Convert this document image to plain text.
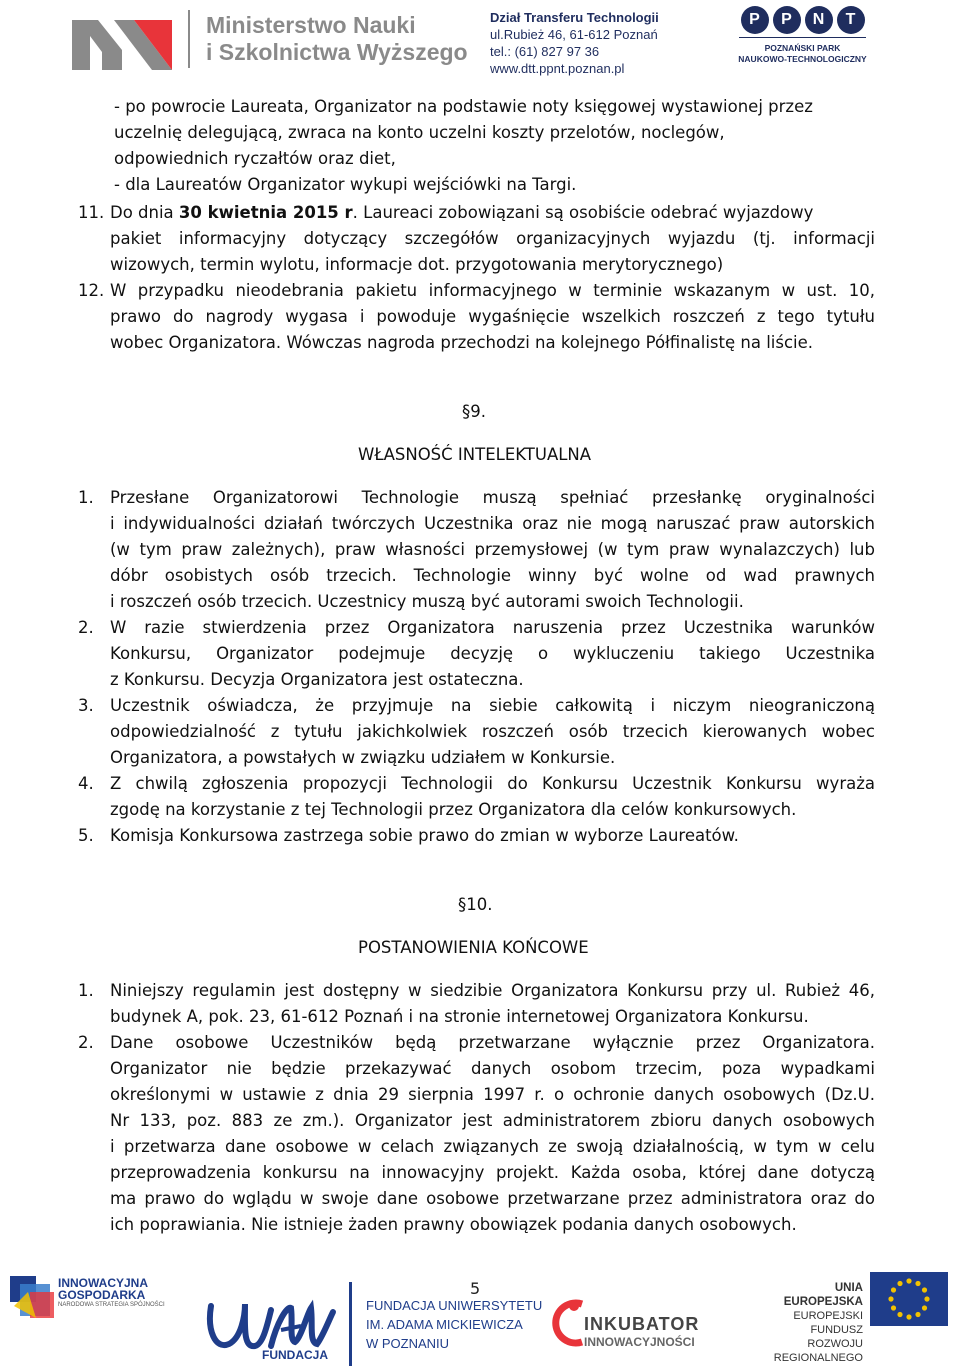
Ministerstwo Nauki
i Szkolnictwa Wyższego
Dział Transferu Technologii
ul.Rubież 46, 61-612 Poznań
tel.: (61) 827 97 36
www.dtt.ppnt.poznan.pl
P	P	N	T
POZNAŃSKI PARK
NAUKOWO-TECHNOLOGICZNY
- po powrocie Laureata, Organizator na podstawie noty księgowej wystawionej przez
uczelnię delegującą, zwraca na konto uczelni koszty przelotów, noclegów,
odpowiednich ryczałtów oraz diet,
- dla Laureatów Organizator wykupi wejściówki na Targi.
11. Do dnia 30 kwietnia 2015 r. Laureaci zobowiązani są osobiście odebrać wyjazdowy
pakiet informacyjny dotyczący szczegółów organizacyjnych wyjazdu (tj. informacji
wizowych, termin wylotu, informacje dot. przygotowania merytorycznego)
12. W przypadku nieodebrania pakietu informacyjnego w terminie wskazanym w ust. 10,
prawo do nagrody wygasa i powoduje wygaśnięcie wszelkich roszczeń z tego tytułu
wobec Organizatora. Wówczas nagroda przechodzi na kolejnego Półfinalistę na liście.
§9.
WŁASNOŚĆ INTELEKTUALNA
1. Przesłane Organizatorowi Technologie muszą spełniać przesłankę oryginalności
i indywidualności działań twórczych Uczestnika oraz nie mogą naruszać praw autorskich
(w tym praw zależnych), praw własności przemysłowej (w tym praw wynalazczych) lub
dóbr osobistych osób trzecich. Technologie winny być wolne od wad prawnych
i roszczeń osób trzecich. Uczestnicy muszą być autorami swoich Technologii.
2. W razie stwierdzenia przez Organizatora naruszenia przez Uczestnika warunków
Konkursu, Organizator podejmuje decyzję o wykluczeniu takiego Uczestnika
z Konkursu. Decyzja Organizatora jest ostateczna.
3. Uczestnik oświadcza, że przyjmuje na siebie całkowitą i niczym nieograniczoną
odpowiedzialność z tytułu jakichkolwiek roszczeń osób trzecich kierowanych wobec
Organizatora, a powstałych w związku udziałem w Konkursie.
4. Z chwilą zgłoszenia propozycji Technologii do Konkursu Uczestnik Konkursu wyraża
zgodę na korzystanie z tej Technologii przez Organizatora dla celów konkursowych.
5. Komisja Konkursowa zastrzega sobie prawo do zmian w wyborze Laureatów.
§10.
POSTANOWIENIA KOŃCOWE
1. Niniejszy regulamin jest dostępny w siedzibie Organizatora Konkursu przy ul. Rubież 46,
budynek A, pok. 23, 61-612 Poznań i na stronie internetowej Organizatora Konkursu.
2. Dane osobowe Uczestników będą przetwarzane wyłącznie przez Organizatora.
Organizator nie będzie przekazywać danych osobom trzecim, poza wypadkami
określonymi w ustawie z dnia 29 sierpnia 1997 r. o ochronie danych osobowych (Dz.U.
Nr 133, poz. 883 ze zm.). Organizator jest administratorem zbioru danych osobowych
i przetwarza dane osobowe w celach związanych ze swoją działalnością, w tym w celu
przeprowadzenia konkursu na innowacyjny projekt. Każda osoba, której dane dotyczą
ma prawo do wglądu w swoje dane osobowe przetwarzane przez administratora oraz do
ich poprawiania. Nie istnieje żaden prawny obowiązek podania danych osobowych.
5
INNOWACYJNA
GOSPODARKA
NARODOWA STRATEGIA SPÓJNOŚCI
FUNDACJA
FUNDACJA UNIWERSYTETU
IM. ADAMA MICKIEWICZA
W POZNANIU
INKUBATOR
INNOWACYJNOŚCI
UNIA EUROPEJSKA
EUROPEJSKI FUNDUSZ
ROZWOJU REGIONALNEGO
